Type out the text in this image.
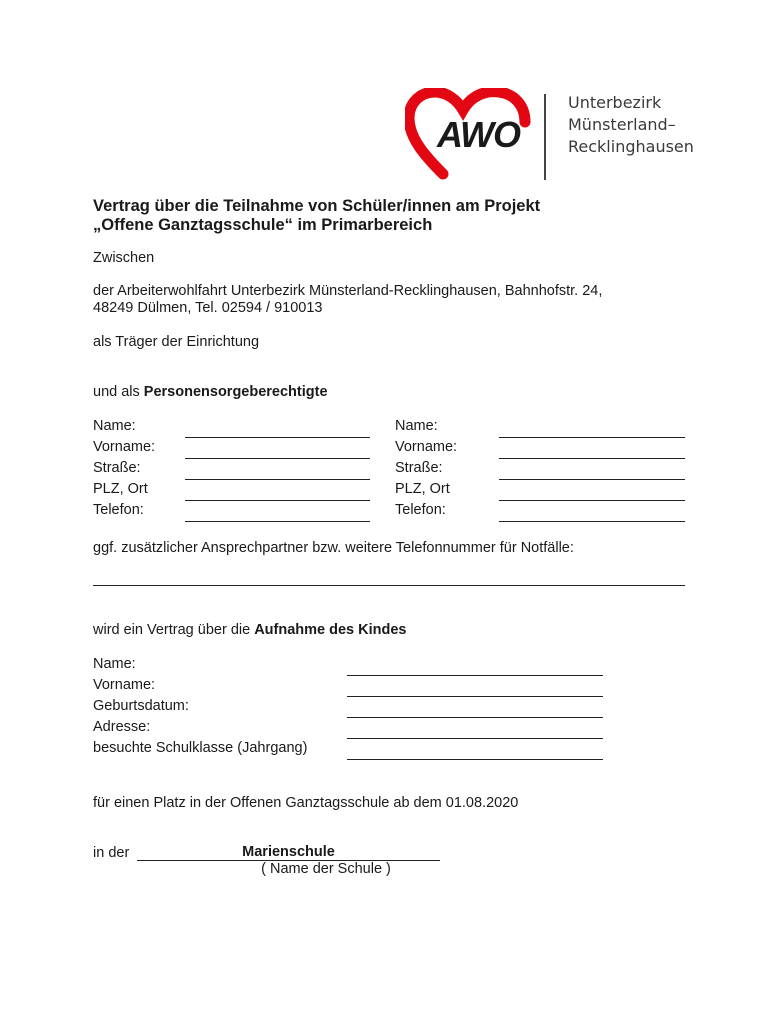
AWO
Unterbezirk
Münsterland–
Recklinghausen
Vertrag über die Teilnahme von Schüler/innen am Projekt
„Offene Ganztagsschule“ im Primarbereich
Zwischen
der Arbeiterwohlfahrt Unterbezirk Münsterland-Recklinghausen, Bahnhofstr. 24,
48249 Dülmen, Tel. 02594 / 910013
als Träger der Einrichtung
und als Personensorgeberechtigte
Name:
Vorname:
Straße:
PLZ, Ort
Telefon:
Name:
Vorname:
Straße:
PLZ, Ort
Telefon:
ggf. zusätzlicher Ansprechpartner bzw. weitere Telefonnummer für Notfälle:
wird ein Vertrag über die Aufnahme des Kindes
Name:
Vorname:
Geburtsdatum:
Adresse:
besuchte Schulklasse (Jahrgang)
für einen Platz in der Offenen Ganztagsschule ab dem 01.08.2020
in der	Marienschule
( Name der Schule )
